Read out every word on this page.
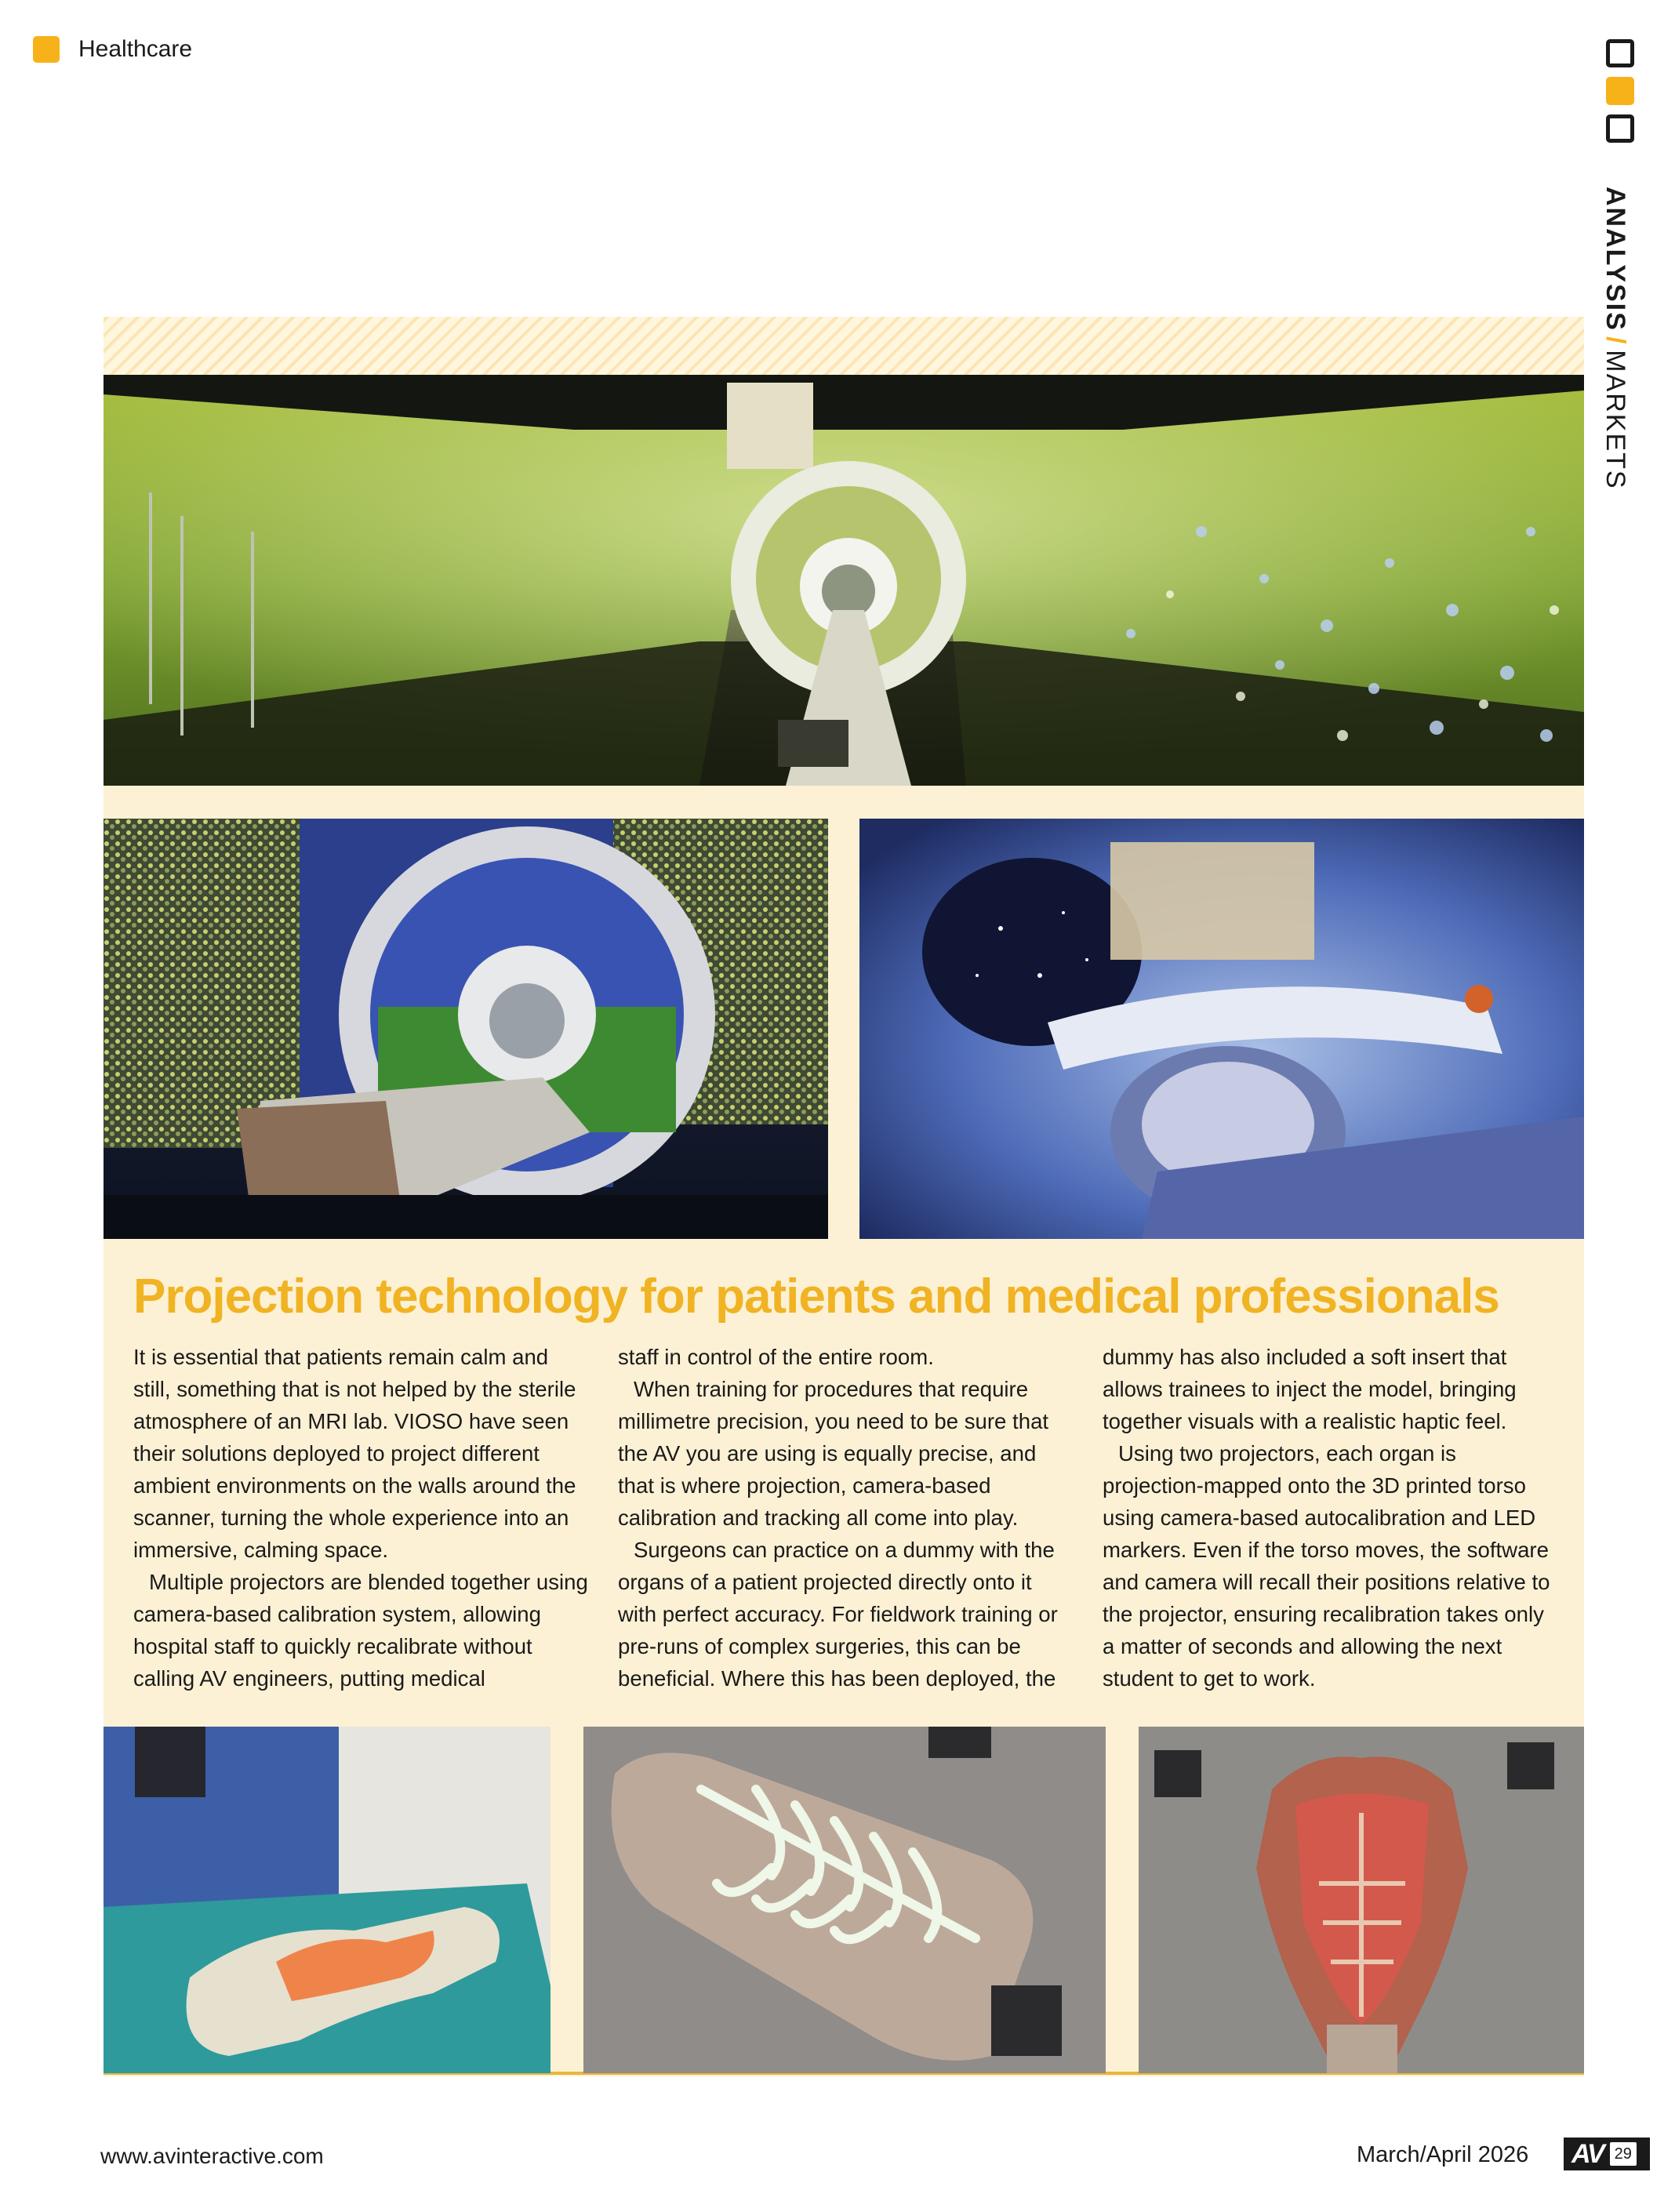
Healthcare
ANALYSIS/MARKETS
Projection technology for patients and medical professionals

It is essential that patients remain calm and still, something that is not helped by the sterile atmosphere of an MRI lab. VIOSO have seen their solutions deployed to project different ambient environments on the walls around the scanner, turning the whole experience into an immersive, calming space.

Multiple projectors are blended together using camera-based calibration system, allowing hospital staff to quickly recalibrate without calling AV engineers, putting medical

staff in control of the entire room.

When training for procedures that require millimetre precision, you need to be sure that the AV you are using is equally precise, and that is where projection, camera-based calibration and tracking all come into play.

Surgeons can practice on a dummy with the organs of a patient projected directly onto it with perfect accuracy. For fieldwork training or pre-runs of complex surgeries, this can be beneficial. Where this has been deployed, the

dummy has also included a soft insert that allows trainees to inject the model, bringing together visuals with a realistic haptic feel.

Using two projectors, each organ is projection-mapped onto the 3D printed torso using camera-based autocalibration and LED markers. Even if the torso moves, the software and camera will recall their positions relative to the projector, ensuring recalibration takes only a matter of seconds and allowing the next student to get to work.

www.avinteractive.com	March/April 2026 AV 29
